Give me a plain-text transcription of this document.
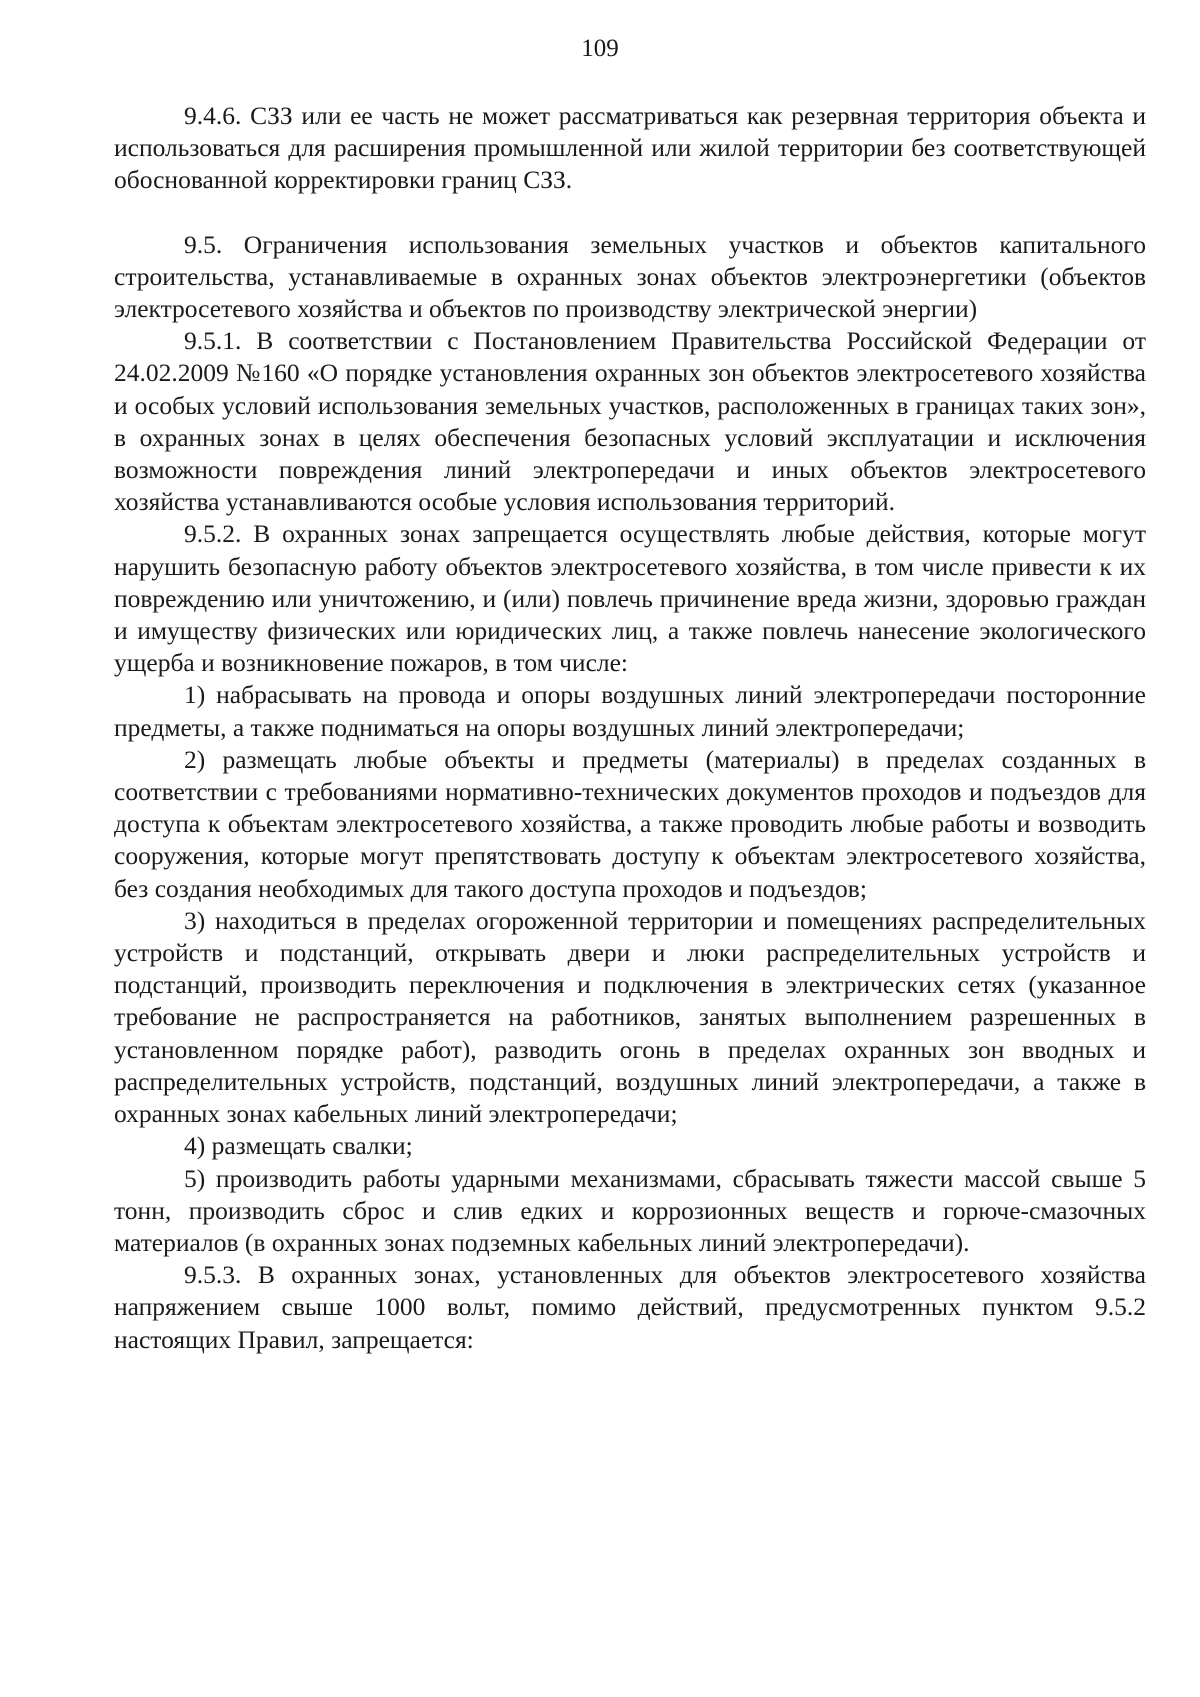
109

9.4.6. СЗЗ или ее часть не может рассматриваться как резервная территория объекта и использоваться для расширения промышленной или жилой территории без соответствующей обоснованной корректировки границ СЗЗ.

9.5. Ограничения использования земельных участков и объектов капитального строительства, устанавливаемые в охранных зонах объектов электроэнергетики (объектов электросетевого хозяйства и объектов по производству электрической энергии)

9.5.1. В соответствии с Постановлением Правительства Российской Федерации от 24.02.2009 №160 «О порядке установления охранных зон объектов электросетевого хозяйства и особых условий использования земельных участков, расположенных в границах таких зон», в охранных зонах в целях обеспечения безопасных условий эксплуатации и исключения возможности повреждения линий электропередачи и иных объектов электросетевого хозяйства устанавливаются особые условия использования территорий.

9.5.2. В охранных зонах запрещается осуществлять любые действия, которые могут нарушить безопасную работу объектов электросетевого хозяйства, в том числе привести к их повреждению или уничтожению, и (или) повлечь причинение вреда жизни, здоровью граждан и имуществу физических или юридических лиц, а также повлечь нанесение экологического ущерба и возникновение пожаров, в том числе:

1) набрасывать на провода и опоры воздушных линий электропередачи посторонние предметы, а также подниматься на опоры воздушных линий электропередачи;

2) размещать любые объекты и предметы (материалы) в пределах созданных в соответствии с требованиями нормативно-технических документов проходов и подъездов для доступа к объектам электросетевого хозяйства, а также проводить любые работы и возводить сооружения, которые могут препятствовать доступу к объектам электросетевого хозяйства, без создания необходимых для такого доступа проходов и подъездов;

3) находиться в пределах огороженной территории и помещениях распределительных устройств и подстанций, открывать двери и люки распределительных устройств и подстанций, производить переключения и подключения в электрических сетях (указанное требование не распространяется на работников, занятых выполнением разрешенных в установленном порядке работ), разводить огонь в пределах охранных зон вводных и распределительных устройств, подстанций, воздушных линий электропередачи, а также в охранных зонах кабельных линий электропередачи;

4) размещать свалки;

5) производить работы ударными механизмами, сбрасывать тяжести массой свыше 5 тонн, производить сброс и слив едких и коррозионных веществ и горюче-смазочных материалов (в охранных зонах подземных кабельных линий электропередачи).

9.5.3. В охранных зонах, установленных для объектов электросетевого хозяйства напряжением свыше 1000 вольт, помимо действий, предусмотренных пунктом 9.5.2 настоящих Правил, запрещается:
